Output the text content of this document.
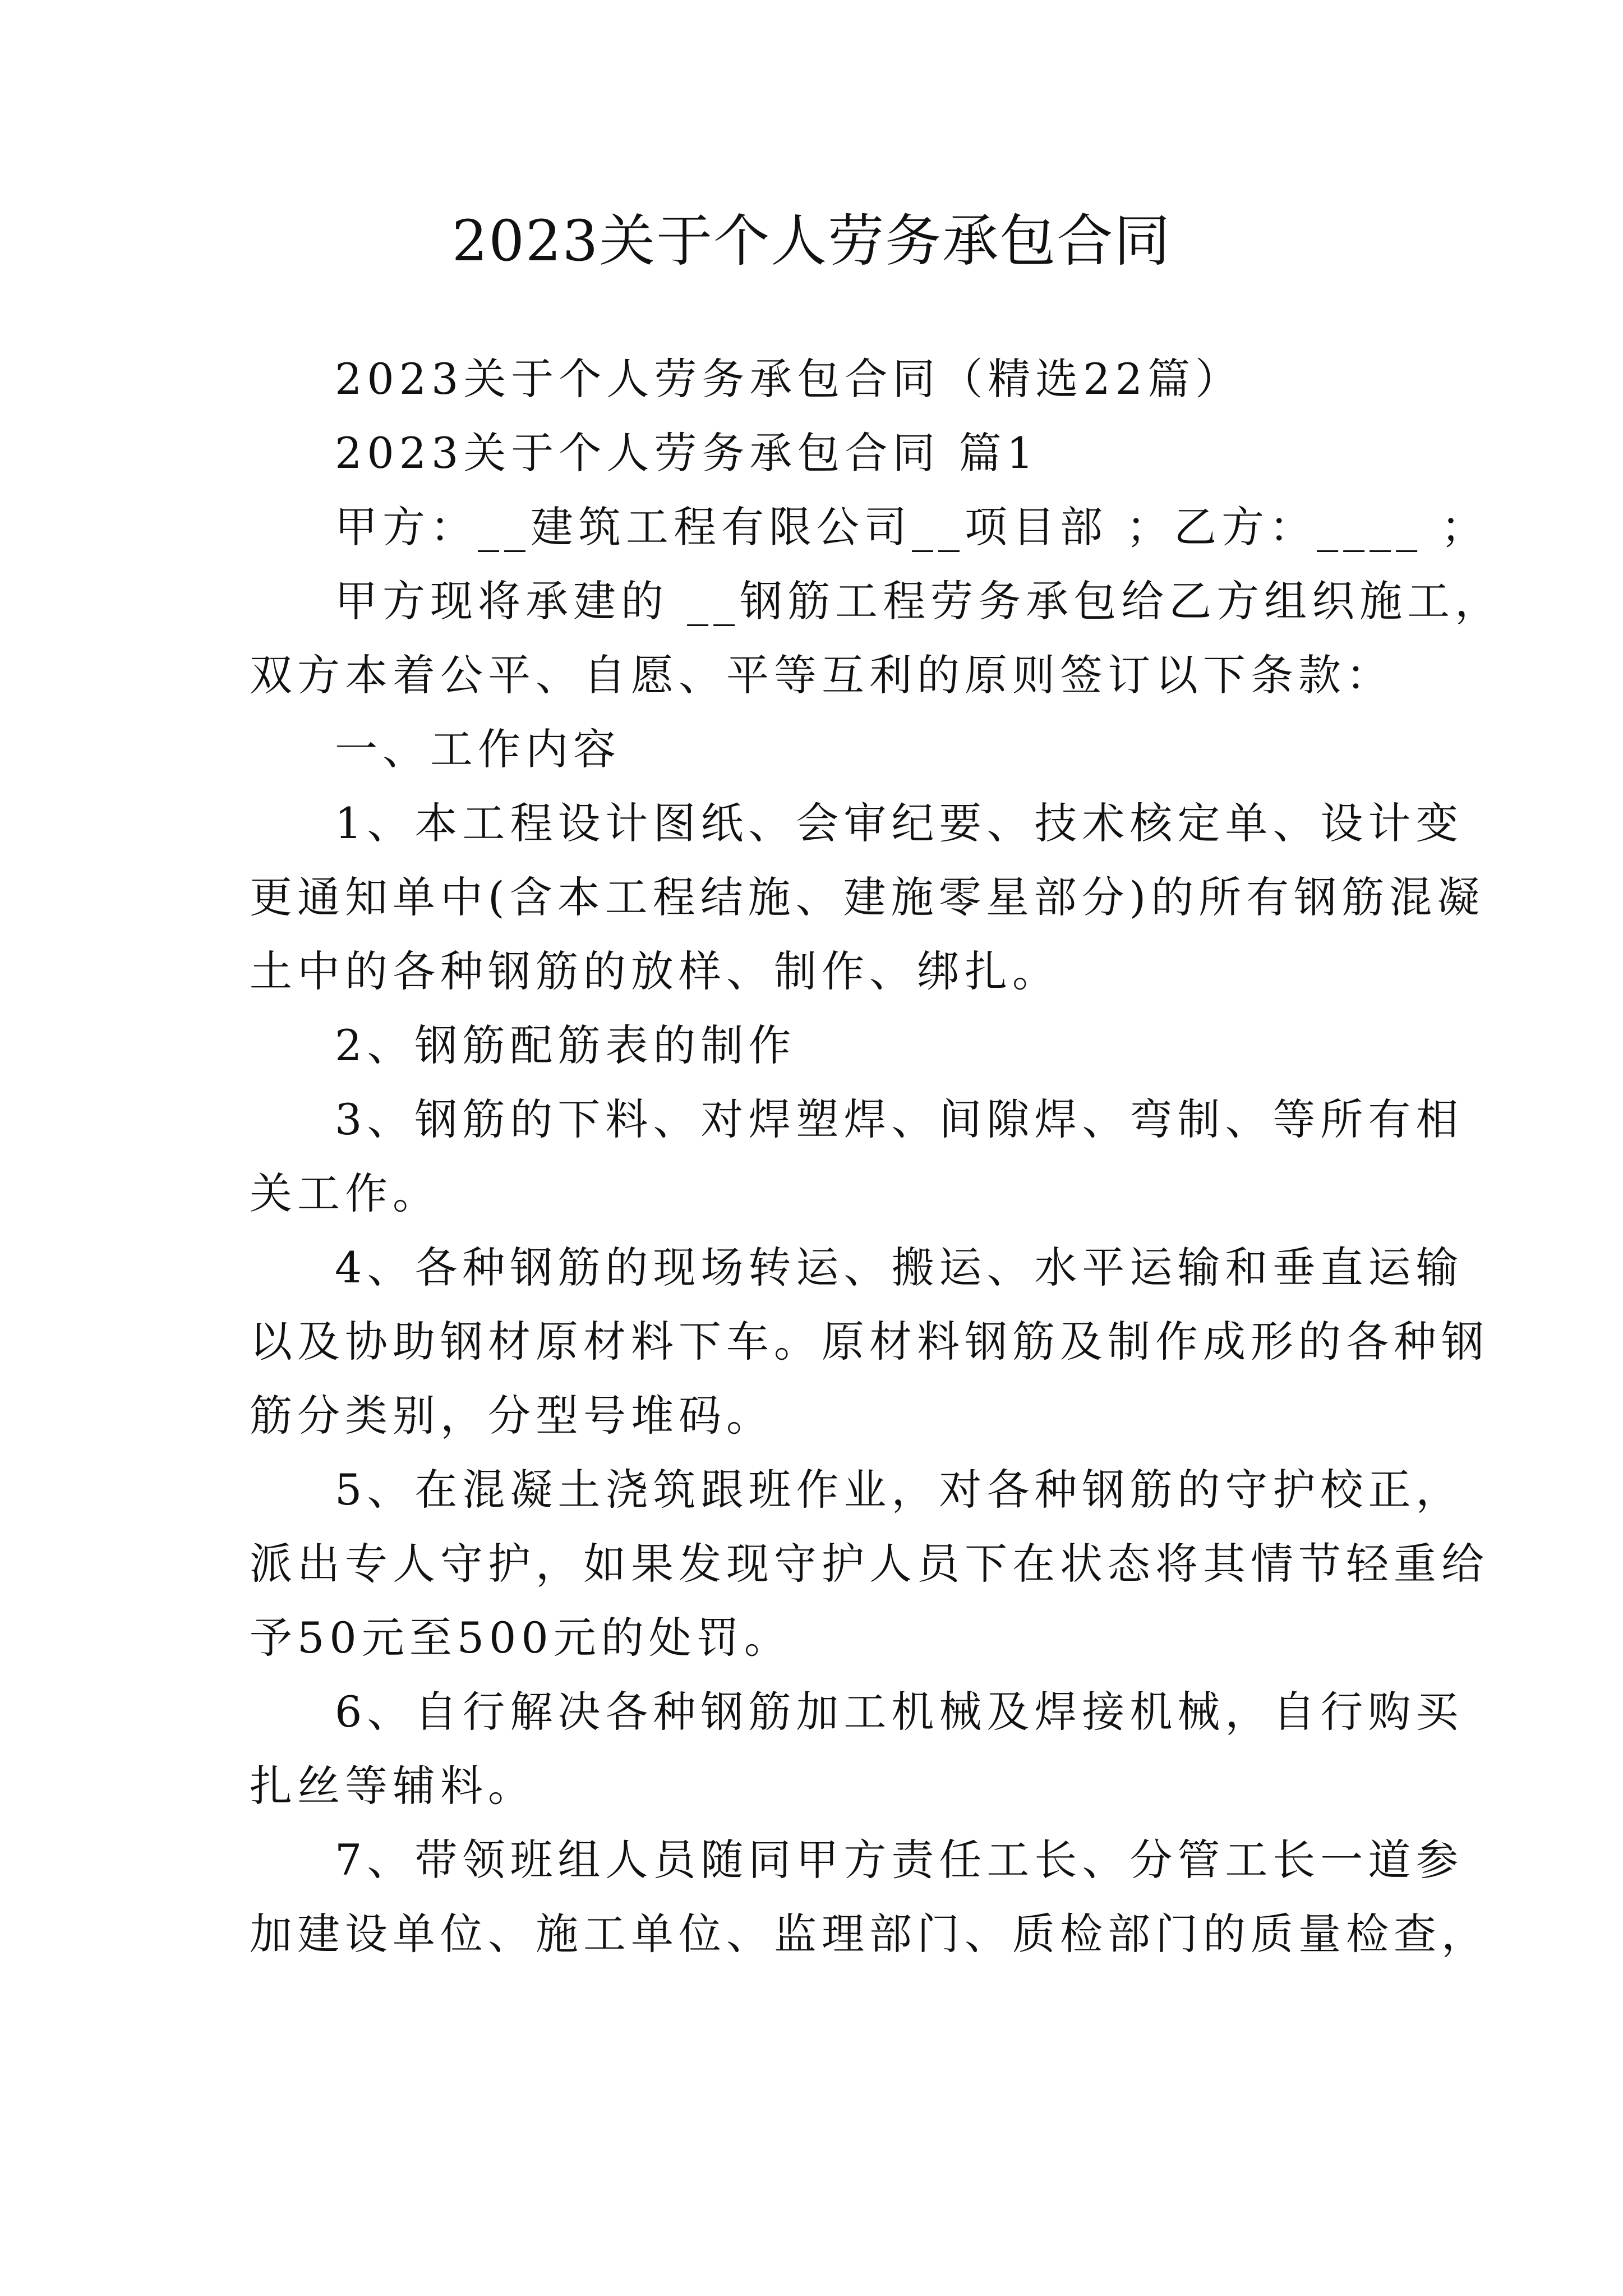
2023关于个人劳务承包合同
2023关于个人劳务承包合同（精选22篇）
2023关于个人劳务承包合同 篇1
甲方：__建筑工程有限公司__项目部 ；乙方：____ ；
甲方现将承建的 __钢筋工程劳务承包给乙方组织施工，
双方本着公平、自愿、平等互利的原则签订以下条款：
一、工作内容
1、本工程设计图纸、会审纪要、技术核定单、设计变
更通知单中(含本工程结施、建施零星部分)的所有钢筋混凝
土中的各种钢筋的放样、制作、绑扎。
2、钢筋配筋表的制作
3、钢筋的下料、对焊塑焊、间隙焊、弯制、等所有相
关工作。
4、各种钢筋的现场转运、搬运、水平运输和垂直运输
以及协助钢材原材料下车。原材料钢筋及制作成形的各种钢
筋分类别，分型号堆码。
5、在混凝土浇筑跟班作业，对各种钢筋的守护校正，
派出专人守护，如果发现守护人员下在状态将其情节轻重给
予50元至500元的处罚。
6、自行解决各种钢筋加工机械及焊接机械，自行购买
扎丝等辅料。
7、带领班组人员随同甲方责任工长、分管工长一道参
加建设单位、施工单位、监理部门、质检部门的质量检查，
